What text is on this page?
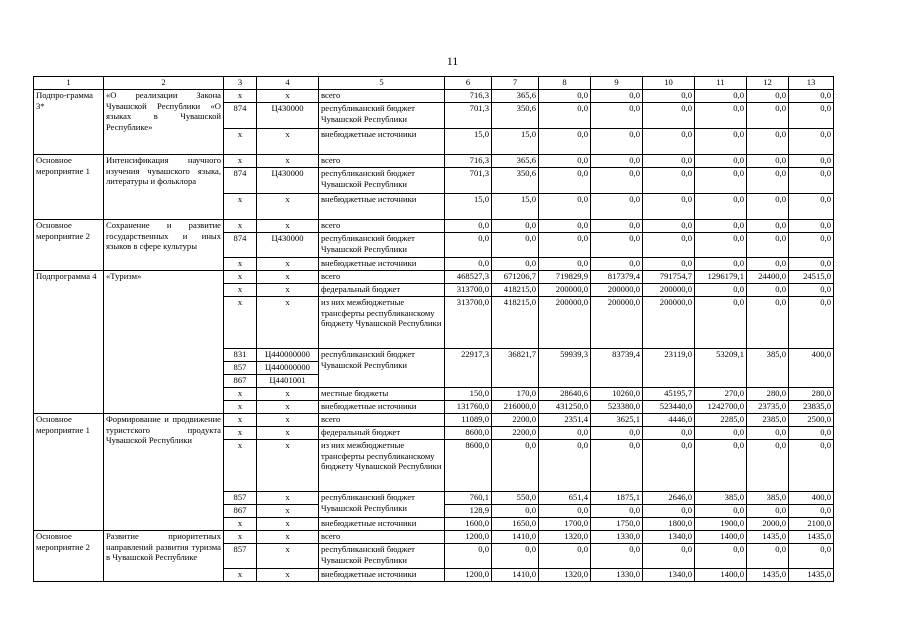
11
1	2	3	4	5	6	7	8	9	10	11	12	13
Подпро-грамма 3*	«О реализации Закона Чувашской Республики «О языках в Чувашской Республике»	x	x	всего	716,3	365,6	0,0	0,0	0,0	0,0	0,0	0,0
		874	Ц430000	республиканский бюджет Чувашской Республики	701,3	350,6	0,0	0,0	0,0	0,0	0,0	0,0
		x	x	внебюджетные источники	15,0	15,0	0,0	0,0	0,0	0,0	0,0	0,0
Основное мероприятие 1	Интенсификация научного изучения чувашского языка, литературы и фольклора	x	x	всего	716,3	365,6	0,0	0,0	0,0	0,0	0,0	0,0
		874	Ц430000	республиканский бюджет Чувашской Республики	701,3	350,6	0,0	0,0	0,0	0,0	0,0	0,0
		x	x	внебюджетные источники	15,0	15,0	0,0	0,0	0,0	0,0	0,0	0,0
Основное мероприятие 2	Сохранение и развитие государственных и иных языков в сфере культуры	x	x	всего	0,0	0,0	0,0	0,0	0,0	0,0	0,0	0,0
		874	Ц430000	республиканский бюджет Чувашской Республики	0,0	0,0	0,0	0,0	0,0	0,0	0,0	0,0
		x	x	внебюджетные источники	0,0	0,0	0,0	0,0	0,0	0,0	0,0	0,0
Подпрограмма 4	«Туризм»	x	x	всего	468527,3	671206,7	719829,9	817379,4	791754,7	1296179,1	24400,0	24515,0
		x	x	федеральный бюджет	313700,0	418215,0	200000,0	200000,0	200000,0	0,0	0,0	0,0
		x	x	из них межбюджетные трансферты республиканскому бюджету Чувашской Республики	313700,0	418215,0	200000,0	200000,0	200000,0	0,0	0,0	0,0
		831	Ц440000000	республиканский бюджет Чувашской Республики	22917,3	36821,7	59939,3	83739,4	23119,0	53209,1	385,0	400,0
		857	Ц440000000									
		867	Ц4401001									
		x	x	местные бюджеты	150,0	170,0	28640,6	10260,0	45195,7	270,0	280,0	280,0
		x	x	внебюджетные источники	131760,0	216000,0	431250,0	523380,0	523440,0	1242700,0	23735,0	23835,0
Основное мероприятие 1	Формирование и продвижение туристского продукта Чувашской Республики	x	x	всего	11089,0	2200,0	2351,4	3625,1	4446,0	2285,0	2385,0	2500,0
		x	x	федеральный бюджет	8600,0	2200,0	0,0	0,0	0,0	0,0	0,0	0,0
		x	x	из них межбюджетные трансферты республиканскому бюджету Чувашской Республики	8600,0	0,0	0,0	0,0	0,0	0,0	0,0	0,0
		857	x	республиканский бюджет Чувашской Республики	760,1	550,0	651,4	1875,1	2646,0	385,0	385,0	400,0
		867	x		128,9	0,0	0,0	0,0	0,0	0,0	0,0	0,0
		x	x	внебюджетные источники	1600,0	1650,0	1700,0	1750,0	1800,0	1900,0	2000,0	2100,0
Основное мероприятие 2	Развитие приоритетных направлений развития туризма в Чувашской Республике	x	x	всего	1200,0	1410,0	1320,0	1330,0	1340,0	1400,0	1435,0	1435,0
		857	x	республиканский бюджет Чувашской Республики	0,0	0,0	0,0	0,0	0,0	0,0	0,0	0,0
		x	x	внебюджетные источники	1200,0	1410,0	1320,0	1330,0	1340,0	1400,0	1435,0	1435,0
